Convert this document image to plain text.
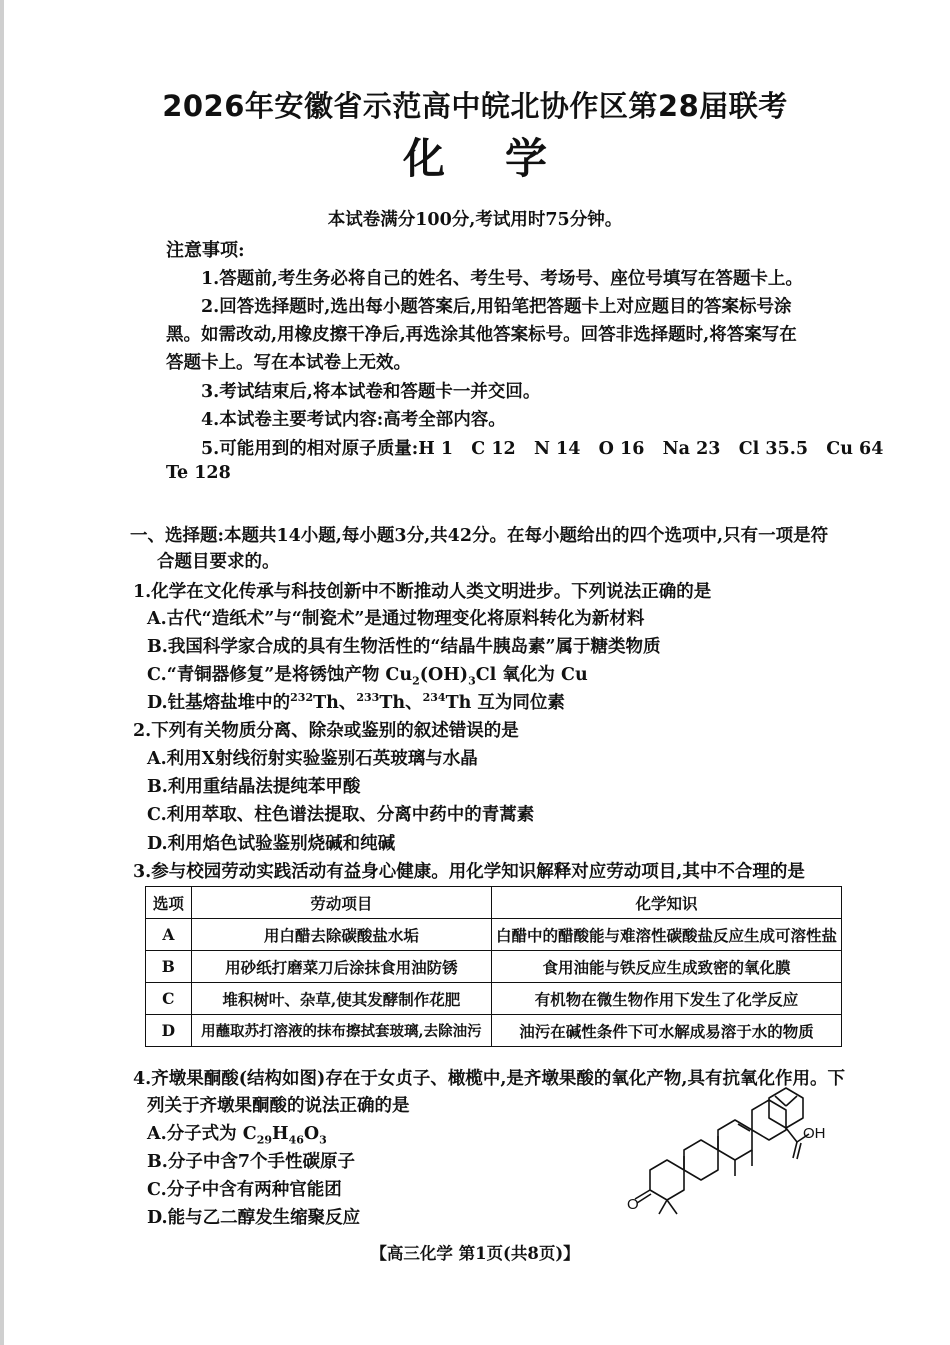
2026年安徽省示范高中皖北协作区第28届联考
化学
本试卷满分100分,考试用时75分钟。
注意事项:
1.答题前,考生务必将自己的姓名、考生号、考场号、座位号填写在答题卡上。
2.回答选择题时,选出每小题答案后,用铅笔把答题卡上对应题目的答案标号涂
黑。如需改动,用橡皮擦干净后,再选涂其他答案标号。回答非选择题时,将答案写在
答题卡上。写在本试卷上无效。
3.考试结束后,将本试卷和答题卡一并交回。
4.本试卷主要考试内容:高考全部内容。
5.可能用到的相对原子质量:H 1   C 12   N 14   O 16   Na 23   Cl 35.5   Cu 64
Te 128
一、选择题:本题共14小题,每小题3分,共42分。在每小题给出的四个选项中,只有一项是符
合题目要求的。
1.化学在文化传承与科技创新中不断推动人类文明进步。下列说法正确的是
A.古代“造纸术”与“制瓷术”是通过物理变化将原料转化为新材料
B.我国科学家合成的具有生物活性的“结晶牛胰岛素”属于糖类物质
C.“青铜器修复”是将锈蚀产物 $Cu_2(OH)_3Cl$ 氧化为 Cu
D.钍基熔盐堆中的$^{232}$Th、$^{233}$Th、$^{234}$Th 互为同位素
2.下列有关物质分离、除杂或鉴别的叙述错误的是
A.利用X射线衍射实验鉴别石英玻璃与水晶
B.利用重结晶法提纯苯甲酸
C.利用萃取、柱色谱法提取、分离中药中的青蒿素
D.利用焰色试验鉴别烧碱和纯碱
3.参与校园劳动实践活动有益身心健康。用化学知识解释对应劳动项目,其中不合理的是
选项	劳动项目	化学知识
A	用白醋去除碳酸盐水垢	白醋中的醋酸能与难溶性碳酸盐反应生成可溶性盐
B	用砂纸打磨菜刀后涂抹食用油防锈	食用油能与铁反应生成致密的氧化膜
C	堆积树叶、杂草,使其发酵制作花肥	有机物在微生物作用下发生了化学反应
D	用蘸取苏打溶液的抹布擦拭套玻璃,去除油污	油污在碱性条件下可水解成易溶于水的物质
4.齐墩果酮酸(结构如图)存在于女贞子、橄榄中,是齐墩果酸的氧化产物,具有抗氧化作用。下
列关于齐墩果酮酸的说法正确的是
A.分子式为 $C_{29}H_{46}O_3$
B.分子中含7个手性碳原子
C.分子中含有两种官能团
D.能与乙二醇发生缩聚反应
O
OH
【高三化学 第1页(共8页)】
